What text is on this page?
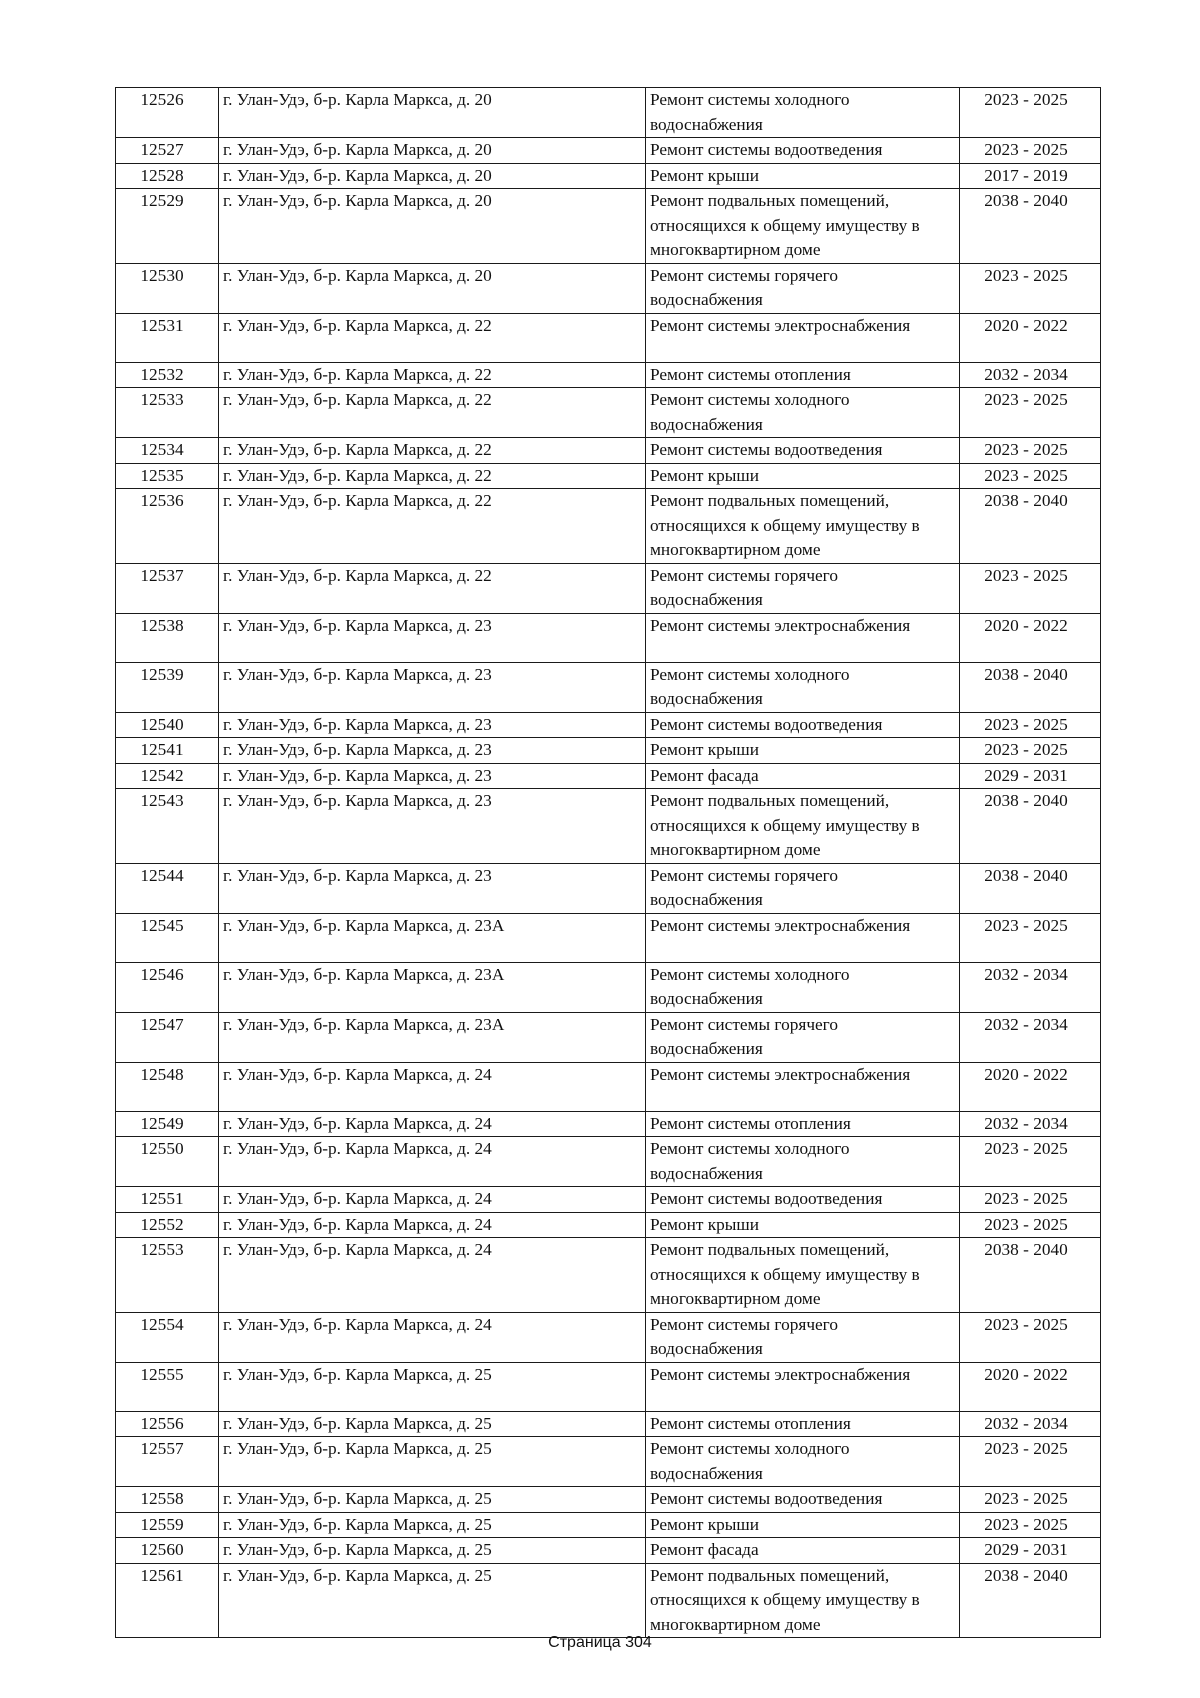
12526	г. Улан-Удэ, б-р. Карла Маркса, д. 20	Ремонт системы холодного водоснабжения	2023 - 2025
12527	г. Улан-Удэ, б-р. Карла Маркса, д. 20	Ремонт системы водоотведения	2023 - 2025
12528	г. Улан-Удэ, б-р. Карла Маркса, д. 20	Ремонт крыши	2017 - 2019
12529	г. Улан-Удэ, б-р. Карла Маркса, д. 20	Ремонт подвальных помещений, относящихся к общему имуществу в многоквартирном доме	2038 - 2040
12530	г. Улан-Удэ, б-р. Карла Маркса, д. 20	Ремонт системы горячего водоснабжения	2023 - 2025
12531	г. Улан-Удэ, б-р. Карла Маркса, д. 22	Ремонт системы электроснабжения	2020 - 2022
12532	г. Улан-Удэ, б-р. Карла Маркса, д. 22	Ремонт системы отопления	2032 - 2034
12533	г. Улан-Удэ, б-р. Карла Маркса, д. 22	Ремонт системы холодного водоснабжения	2023 - 2025
12534	г. Улан-Удэ, б-р. Карла Маркса, д. 22	Ремонт системы водоотведения	2023 - 2025
12535	г. Улан-Удэ, б-р. Карла Маркса, д. 22	Ремонт крыши	2023 - 2025
12536	г. Улан-Удэ, б-р. Карла Маркса, д. 22	Ремонт подвальных помещений, относящихся к общему имуществу в многоквартирном доме	2038 - 2040
12537	г. Улан-Удэ, б-р. Карла Маркса, д. 22	Ремонт системы горячего водоснабжения	2023 - 2025
12538	г. Улан-Удэ, б-р. Карла Маркса, д. 23	Ремонт системы электроснабжения	2020 - 2022
12539	г. Улан-Удэ, б-р. Карла Маркса, д. 23	Ремонт системы холодного водоснабжения	2038 - 2040
12540	г. Улан-Удэ, б-р. Карла Маркса, д. 23	Ремонт системы водоотведения	2023 - 2025
12541	г. Улан-Удэ, б-р. Карла Маркса, д. 23	Ремонт крыши	2023 - 2025
12542	г. Улан-Удэ, б-р. Карла Маркса, д. 23	Ремонт фасада	2029 - 2031
12543	г. Улан-Удэ, б-р. Карла Маркса, д. 23	Ремонт подвальных помещений, относящихся к общему имуществу в многоквартирном доме	2038 - 2040
12544	г. Улан-Удэ, б-р. Карла Маркса, д. 23	Ремонт системы горячего водоснабжения	2038 - 2040
12545	г. Улан-Удэ, б-р. Карла Маркса, д. 23А	Ремонт системы электроснабжения	2023 - 2025
12546	г. Улан-Удэ, б-р. Карла Маркса, д. 23А	Ремонт системы холодного водоснабжения	2032 - 2034
12547	г. Улан-Удэ, б-р. Карла Маркса, д. 23А	Ремонт системы горячего водоснабжения	2032 - 2034
12548	г. Улан-Удэ, б-р. Карла Маркса, д. 24	Ремонт системы электроснабжения	2020 - 2022
12549	г. Улан-Удэ, б-р. Карла Маркса, д. 24	Ремонт системы отопления	2032 - 2034
12550	г. Улан-Удэ, б-р. Карла Маркса, д. 24	Ремонт системы холодного водоснабжения	2023 - 2025
12551	г. Улан-Удэ, б-р. Карла Маркса, д. 24	Ремонт системы водоотведения	2023 - 2025
12552	г. Улан-Удэ, б-р. Карла Маркса, д. 24	Ремонт крыши	2023 - 2025
12553	г. Улан-Удэ, б-р. Карла Маркса, д. 24	Ремонт подвальных помещений, относящихся к общему имуществу в многоквартирном доме	2038 - 2040
12554	г. Улан-Удэ, б-р. Карла Маркса, д. 24	Ремонт системы горячего водоснабжения	2023 - 2025
12555	г. Улан-Удэ, б-р. Карла Маркса, д. 25	Ремонт системы электроснабжения	2020 - 2022
12556	г. Улан-Удэ, б-р. Карла Маркса, д. 25	Ремонт системы отопления	2032 - 2034
12557	г. Улан-Удэ, б-р. Карла Маркса, д. 25	Ремонт системы холодного водоснабжения	2023 - 2025
12558	г. Улан-Удэ, б-р. Карла Маркса, д. 25	Ремонт системы водоотведения	2023 - 2025
12559	г. Улан-Удэ, б-р. Карла Маркса, д. 25	Ремонт крыши	2023 - 2025
12560	г. Улан-Удэ, б-р. Карла Маркса, д. 25	Ремонт фасада	2029 - 2031
12561	г. Улан-Удэ, б-р. Карла Маркса, д. 25	Ремонт подвальных помещений, относящихся к общему имуществу в многоквартирном доме	2038 - 2040
Страница 304
